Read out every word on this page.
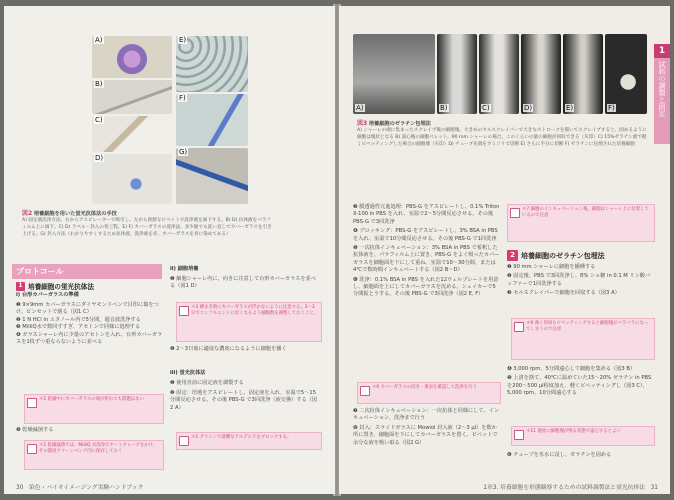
A)
B)
C)
D)
E)
F)
G)
図2 培養細胞を用いた蛍光抗体法の手技
A) 固定液洗浄方法、右からアスピレーターで吸引し、左から新鮮なピペットで洗浄液を滴下する。B) D) 抗体液をパラフィルム上に滴下。C) D) ラベル・封入の各工程。E) F) カバーガラスの洗浄法、多少縦でも洗い直しでカバーガラスを引き上げる。G) 封入方法（わかりやすくするため抗体液、洗浄液を赤、カバーガラスを青に染めてある）
プロトコール
1 培養細胞の蛍光抗体法
i) 台形カバーガラスの準備
❶ 9×9mm カバーガラスにダイヤモンドペンで目印に傷をつけ、ピンセットで割る（図1 C）
❷ 1 N HCl in エタノール内で5分間、超音波洗浄する
❸ MilliQ水で数回すすぎ、アセトンで同様に処理する
❹ ガラスシャーレ内に少量のアセトンを入れ、台形カバーガラスを1枚ずつ重ならないように並べる
＊1 乾燥中にカバーガラスの端が折れても問題はない
❺ 乾燥滅菌する
＊2 乾燥滅菌では、MilliQ 水洗浄でオートクレーブをかけ、その都度クリーンベンチ内に保存しておく
ii) 細胞培養
❶ 細胞シャーレ内に、向きに注意して台形カバーガラスを並べる（図1 D）
＊3 種まき時にカバーガラスが浮かないように注意する。2〜3日でコンフルエントに近くなるよう細胞数を調整しておくこと。
❷ 2〜3日後に適度な濃度になるように細胞を播く
iii) 蛍光抗体法
❶ 使用直前に固定液を調製する
❷ 固定：培地をアスピレートし、固定液を入れ、室温で5〜15分間反応させる。その後 PBS-G で3回洗浄（液交換）する（図2 A）
＊5 グリシンで過剰なアルデヒドをブロックする。
30 染色・バイオイメージング実験ハンドブック
1
試料の調製と固定
A)	B)	C)	D)	E)	F)
図3 培養細胞のゼラチン包埋法
A) シャーレの端に集まったスクレイプ後の細胞塊。大きめのセルスクレイパーで大きなストロークを描いてスクレイプすると、固めるように細胞は塊状となる B) 湯心後の細胞ペレット。90 mm シャーレの場合、このくらいの量の細胞が回収できる（矢印）C) 15%ゼラチン液で軽くピペッティングした場合の細胞塊（矢印）D) チューブ先端をカミソリで切断 E) さらに半分に切断 F) ゼラチンに包埋された培養細胞
❸ 膜透過性亢進処理：PBS-G をアスピレートし、0.1% Triton X-100 in PBS を入れ、室温で2〜5分間反応させる。その後 PBS-G で3回洗浄
❹ ブロッキング：PBS-G をアスピレートし、3% BSA in PBS を入れ、室温で10分間反応させる。その後 PBS-G で1回洗浄
❺ 一次抗体インキュベーション：3% BSA in PBS で希釈した抗体液を、パラフィルム上に置き、PBS-G をよく吸ったカバーガラスを細胞面を下にして重ね、室温で10〜30分間、または4℃で数時間インキュベートする（図2 B〜D）
❻ 洗浄：0.1% BSA in PBS を入れた12ウェルプレートを用意し、細胞面を上にしてカバーガラスを沈める。シェイカーで5分間振とうする。その後 PBS-G で3回洗浄（図2 E, F）
＊6 カバーガラスの向き・裏表を確認して洗浄を行う
❼ 二次抗体インキュベーション：一次抗体と同様にして、インキュベーション、洗浄まで行う
❽ 封入：スライドガラスに Mowiol 封入液（2〜3 μl）を数か所に置き、細胞面を下にしてカバーガラスを置く。ピペットで余分な液を吸い取る（図2 G）
＊7 細胞のインキュベーション後、細胞はシャーレ上に付着しているので注意
2 培養細胞のゼラチン包埋法
❶ 90 mm シャーレに細胞を播種する
❷ 固定後、PBS で3回洗浄し、8% ショ糖 in 0.1 M リン酸バッファーで1回洗浄する
❸ セルスクレイパーで細胞を回収する（図3 A）
＊9 強く何回もピペッティングすると細胞塊がバラバラになってしまうので注意
❹ 3,000 rpm、5分間遠心して細胞を集める（図3 B）
❺ 上清を捨て、40℃に温めていた15〜20% ゼラチン in PBS を200〜500 μl程度加え、軽くピペッティングし（図3 C）、5,000 rpm、10分間遠心する
＊11 適度に細胞塊が残る状態で遠心するとよい
❻ チューブを氷水に浸し、ゼラチンを固める
1章3. 培養細胞を形態観察するための試料調製法と蛍光抗体法 31
